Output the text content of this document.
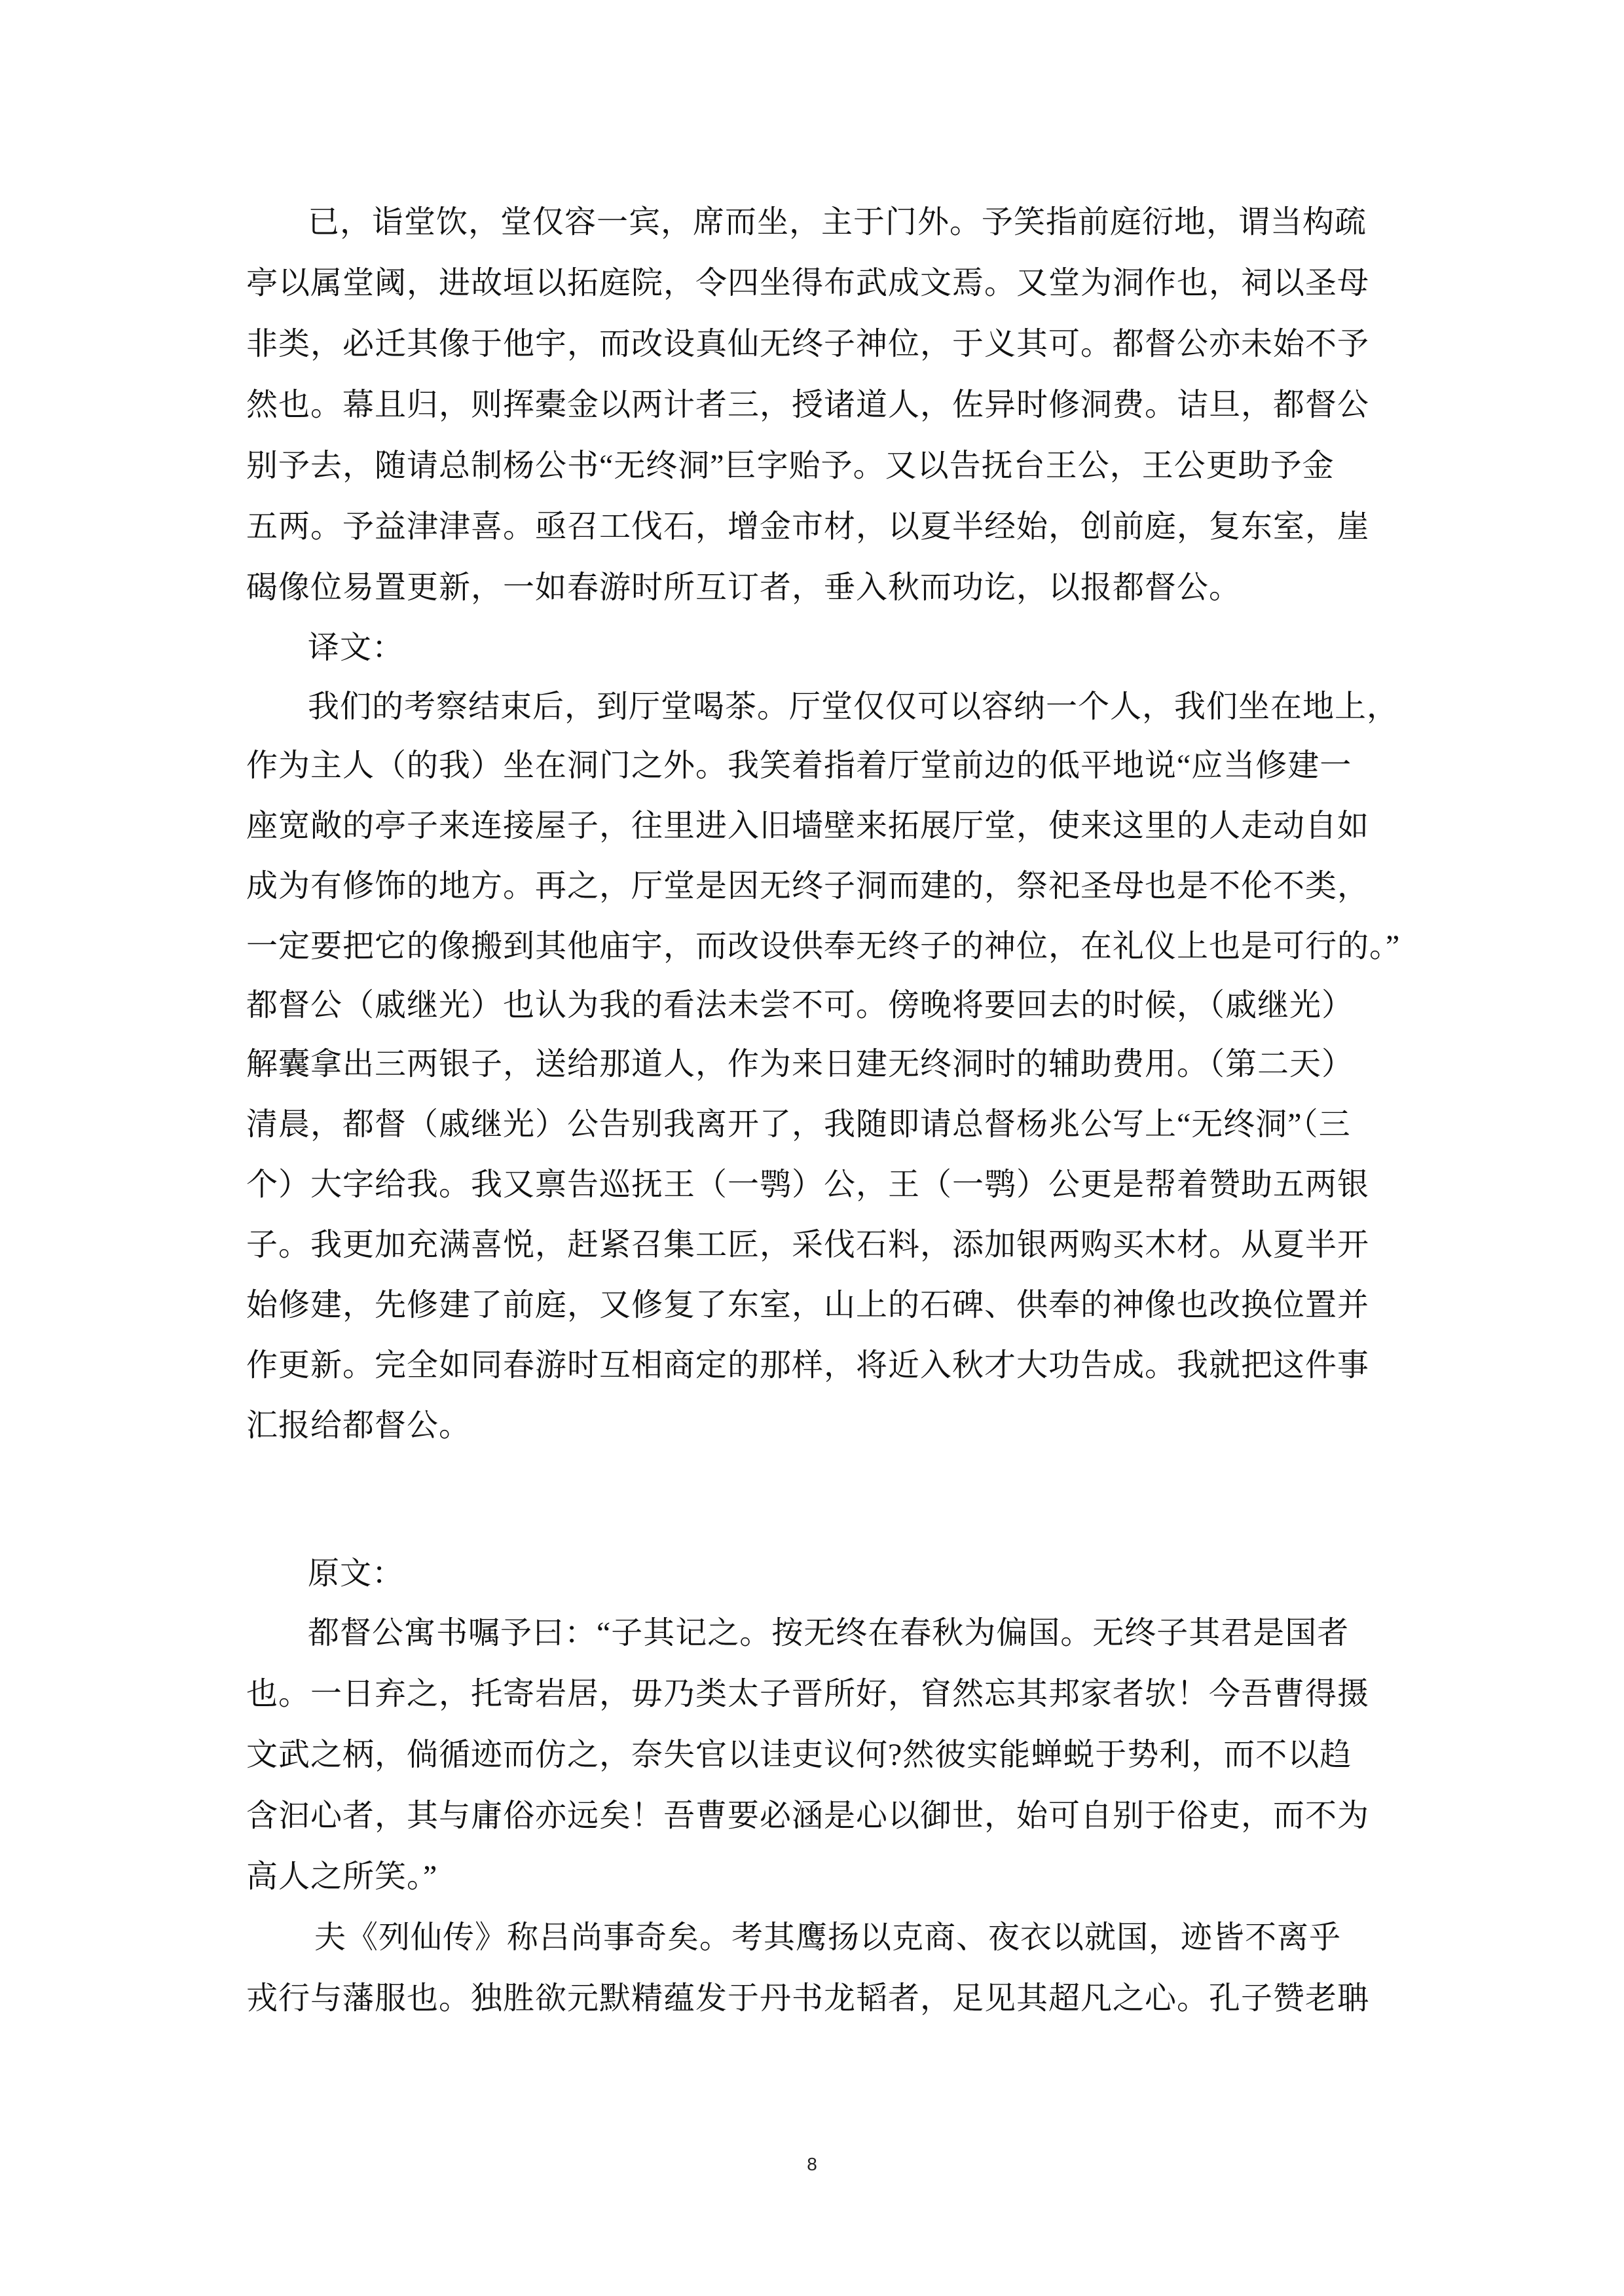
已，诣堂饮，堂仅容一宾，席而坐，主于门外。予笑指前庭衍地，谓当构疏
亭以属堂阈，进故垣以拓庭院，令四坐得布武成文焉。又堂为洞作也，祠以圣母
非类，必迁其像于他宇，而改设真仙无终子神位，于义其可。都督公亦未始不予
然也。幕且归，则挥橐金以两计者三，授诸道人，佐异时修洞费。诘旦，都督公
别予去，随请总制杨公书“无终洞”巨字贻予。又以告抚台王公，王公更助予金
五两。予益津津喜。亟召工伐石，增金市材，以夏半经始，创前庭，复东室，崖
碣像位易置更新，一如春游时所互订者，垂入秋而功讫，以报都督公。
译文：
我们的考察结束后，到厅堂喝茶。厅堂仅仅可以容纳一个人，我们坐在地上，
作为主人（的我）坐在洞门之外。我笑着指着厅堂前边的低平地说“应当修建一
座宽敞的亭子来连接屋子，往里进入旧墙壁来拓展厅堂，使来这里的人走动自如
成为有修饰的地方。再之，厅堂是因无终子洞而建的，祭祀圣母也是不伦不类，
一定要把它的像搬到其他庙宇，而改设供奉无终子的神位，在礼仪上也是可行的。”
都督公（戚继光）也认为我的看法未尝不可。傍晚将要回去的时候，（戚继光）
解囊拿出三两银子，送给那道人，作为来日建无终洞时的辅助费用。（第二天）
清晨，都督（戚继光）公告别我离开了，我随即请总督杨兆公写上“无终洞”（三
个）大字给我。我又禀告巡抚王（一鹗）公，王（一鹗）公更是帮着赞助五两银
子。我更加充满喜悦，赶紧召集工匠，采伐石料，添加银两购买木材。从夏半开
始修建，先修建了前庭，又修复了东室，山上的石碑、供奉的神像也改换位置并
作更新。完全如同春游时互相商定的那样，将近入秋才大功告成。我就把这件事
汇报给都督公。
原文：
都督公寓书嘱予曰：“子其记之。按无终在春秋为偏国。无终子其君是国者
也。一日弃之，托寄岩居，毋乃类太子晋所好，窅然忘其邦家者欤！今吾曹得摄
文武之柄，倘循迹而仿之，奈失官以诖吏议何?然彼实能蝉蜕于势利，而不以趋
含汩心者，其与庸俗亦远矣！吾曹要必涵是心以御世，始可自别于俗吏，而不为
高人之所笑。”
夫《列仙传》称吕尚事奇矣。考其鹰扬以克商、夜衣以就国，迹皆不离乎
戎行与藩服也。独胜欲元默精蕴发于丹书龙韬者，足见其超凡之心。孔子赞老聃
8
